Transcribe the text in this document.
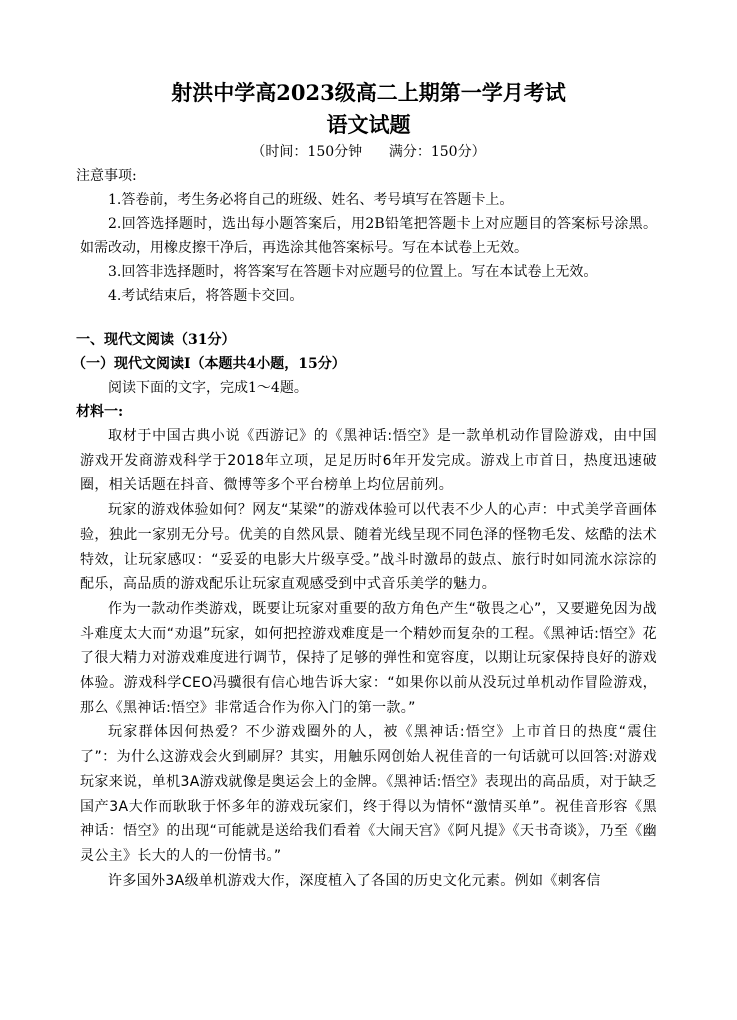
射洪中学高2023级高二上期第一学月考试
语文试题

（时间：150分钟      满分：150分）

注意事项:

1.答卷前，考生务必将自己的班级、姓名、考号填写在答题卡上。

2.回答选择题时，选出每小题答案后，用2B铅笔把答题卡上对应题目的答案标号涂黑。如需改动，用橡皮擦干净后，再选涂其他答案标号。写在本试卷上无效。

3.回答非选择题时，将答案写在答题卡对应题号的位置上。写在本试卷上无效。

4.考试结束后，将答题卡交回。

一、现代文阅读（31分）

（一）现代文阅读I（本题共4小题，15分）

阅读下面的文字，完成1～4题。

材料一:

取材于中国古典小说《西游记》的《黑神话:悟空》是一款单机动作冒险游戏，由中国游戏开发商游戏科学于2018年立项，足足历时6年开发完成。游戏上市首日，热度迅速破圈，相关话题在抖音、微博等多个平台榜单上均位居前列。

玩家的游戏体验如何？网友“某梁”的游戏体验可以代表不少人的心声：中式美学音画体验，独此一家别无分号。优美的自然风景、随着光线呈现不同色泽的怪物毛发、炫酷的法术特效，让玩家感叹：“妥妥的电影大片级享受。”战斗时激昂的鼓点、旅行时如同流水淙淙的配乐，高品质的游戏配乐让玩家直观感受到中式音乐美学的魅力。

作为一款动作类游戏，既要让玩家对重要的敌方角色产生“敬畏之心”，又要避免因为战斗难度太大而“劝退”玩家，如何把控游戏难度是一个精妙而复杂的工程。《黑神话:悟空》花了很大精力对游戏难度进行调节，保持了足够的弹性和宽容度，以期让玩家保持良好的游戏体验。游戏科学CEO冯骥很有信心地告诉大家：“如果你以前从没玩过单机动作冒险游戏，那么《黑神话:悟空》非常适合作为你入门的第一款。”

玩家群体因何热爱？不少游戏圈外的人，被《黑神话:悟空》上市首日的热度“震住了”：为什么这游戏会火到刷屏？其实，用触乐网创始人祝佳音的一句话就可以回答:对游戏玩家来说，单机3A游戏就像是奥运会上的金牌。《黑神话:悟空》表现出的高品质，对于缺乏国产3A大作而耿耿于怀多年的游戏玩家们，终于得以为情怀“激情买单”。祝佳音形容《黑神话：悟空》的出现“可能就是送给我们看着《大闹天宫》《阿凡提》《天书奇谈》，乃至《幽灵公主》长大的人的一份情书。”

许多国外3A级单机游戏大作，深度植入了各国的历史文化元素。例如《刺客信
